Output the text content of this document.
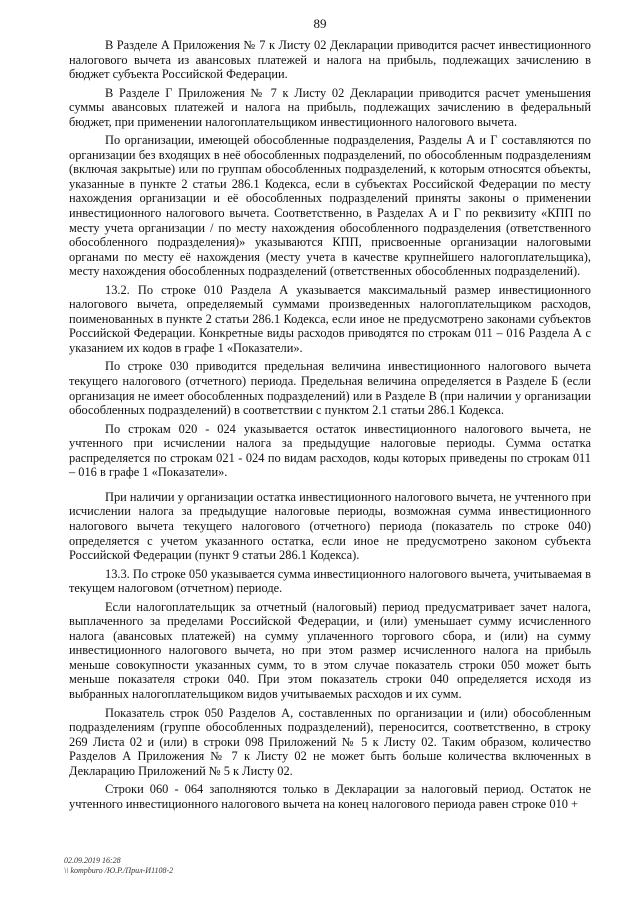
89

В Разделе А Приложения № 7 к Листу 02 Декларации приводится расчет инвестиционного налогового вычета из авансовых платежей и налога на прибыль, подлежащих зачислению в бюджет субъекта Российской Федерации.

В Разделе Г Приложения № 7 к Листу 02 Декларации приводится расчет уменьшения суммы авансовых платежей и налога на прибыль, подлежащих зачислению в федеральный бюджет, при применении налогоплательщиком инвестиционного налогового вычета.

По организации, имеющей обособленные подразделения, Разделы А и Г составляются по организации без входящих в неё обособленных подразделений, по обособленным подразделениям (включая закрытые) или по группам обособленных подразделений, к которым относятся объекты, указанные в пункте 2 статьи 286.1 Кодекса, если в субъектах Российской Федерации по месту нахождения организации и её обособленных подразделений приняты законы о применении инвестиционного налогового вычета. Соответственно, в Разделах А и Г по реквизиту «КПП по месту учета организации / по месту нахождения обособленного подразделения (ответственного обособленного подразделения)» указываются КПП, присвоенные организации налоговыми органами по месту её нахождения (месту учета в качестве крупнейшего налогоплательщика), месту нахождения обособленных подразделений (ответственных обособленных подразделений).

13.2. По строке 010 Раздела А указывается максимальный размер инвестиционного налогового вычета, определяемый суммами произведенных налогоплательщиком расходов, поименованных в пункте 2 статьи 286.1 Кодекса, если иное не предусмотрено законами субъектов Российской Федерации. Конкретные виды расходов приводятся по строкам 011 – 016 Раздела А с указанием их кодов в графе 1 «Показатели».

По строке 030 приводится предельная величина инвестиционного налогового вычета текущего налогового (отчетного) периода. Предельная величина определяется в Разделе Б (если организация не имеет обособленных подразделений) или в Разделе В (при наличии у организации обособленных подразделений) в соответствии с пунктом 2.1 статьи 286.1 Кодекса.

По строкам 020 - 024 указывается остаток инвестиционного налогового вычета, не учтенного при исчислении налога за предыдущие налоговые периоды. Сумма остатка распределяется по строкам 021 - 024 по видам расходов, коды которых приведены по строкам 011 – 016 в графе 1 «Показатели».

При наличии у организации остатка инвестиционного налогового вычета, не учтенного при исчислении налога за предыдущие налоговые периоды, возможная сумма инвестиционного налогового вычета текущего налогового (отчетного) периода (показатель по строке 040) определяется с учетом указанного остатка, если иное не предусмотрено законом субъекта Российской Федерации (пункт 9 статьи 286.1 Кодекса).

13.3. По строке 050 указывается сумма инвестиционного налогового вычета, учитываемая в текущем налоговом (отчетном) периоде.

Если налогоплательщик за отчетный (налоговый) период предусматривает зачет налога, выплаченного за пределами Российской Федерации, и (или) уменьшает сумму исчисленного налога (авансовых платежей) на сумму уплаченного торгового сбора, и (или) на сумму инвестиционного налогового вычета, но при этом размер исчисленного налога на прибыль меньше совокупности указанных сумм, то в этом случае показатель строки 050 может быть меньше показателя строки 040. При этом показатель строки 040 определяется исходя из выбранных налогоплательщиком видов учитываемых расходов и их сумм.

Показатель строк 050 Разделов А, составленных по организации и (или) обособленным подразделениям (группе обособленных подразделений), переносится, соответственно, в строку 269 Листа 02 и (или) в строки 098 Приложений № 5 к Листу 02. Таким образом, количество Разделов А Приложения № 7 к Листу 02 не может быть больше количества включенных в Декларацию Приложений № 5 к Листу 02.

Строки 060 - 064 заполняются только в Декларации за налоговый период. Остаток не учтенного инвестиционного налогового вычета на конец налогового периода равен строке 010 +

02.09.2019 16:28
\\ kompburo /Ю.Р./Прил-И1108-2
